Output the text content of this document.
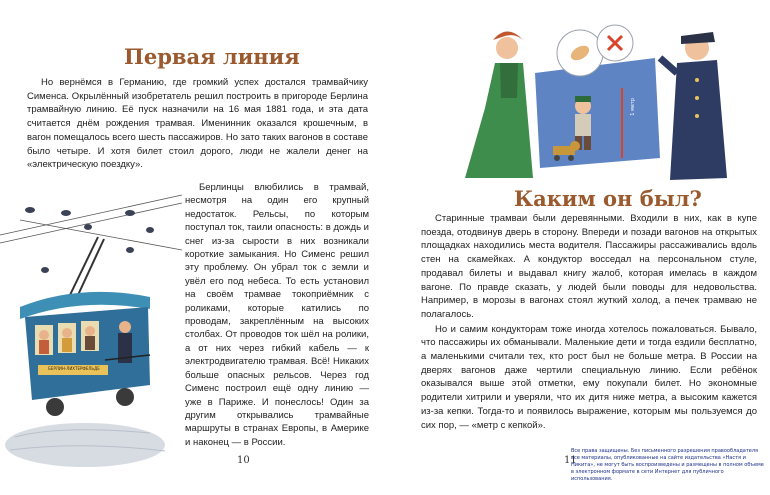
Первая линия

Но вернёмся в Германию, где громкий успех достался трамвайчику Сименса. Окрылённый изобретатель решил построить в пригороде Берлина трамвайную линию. Её пуск назначили на 16 мая 1881 года, и эта дата считается днём рождения трамвая. Именинник оказался крошечным, в вагон помещалось всего шесть пассажиров. Но зато таких вагонов в составе было четыре. И хотя билет стоил дорого, люди не жалели денег на «электрическую поездку».

Берлинцы влюбились в трамвай, несмотря на один его крупный недостаток. Рельсы, по которым поступал ток, таили опасность: в дождь и снег из-за сырости в них возникали короткие замыкания. Но Сименс решил эту проблему. Он убрал ток с земли и увёл его под небеса. То есть установил на своём трамвае токоприёмник с роликами, которые катились по проводам, закреплённым на высоких столбах. От проводов ток шёл на ролики, а от них через гибкий кабель — к электродвигателю трамвая. Всё! Никаких больше опасных рельсов. Через год Сименс построил ещё одну линию — уже в Париже. И понеслось! Один за другим открывались трамвайные маршруты в странах Европы, в Америке и наконец — в России.

БЕРЛИН-ЛИХТЕРФЕЛЬДЕ
10
1 метр
Каким он был?

Старинные трамваи были деревянными. Входили в них, как в купе поезда, отодвинув дверь в сторону. Впереди и позади вагонов на открытых площадках находились места водителя. Пассажиры рассаживались вдоль стен на скамейках. А кондуктор восседал на персональном стуле, продавал билеты и выдавал книгу жалоб, которая имелась в каждом вагоне. По правде сказать, у людей были поводы для недовольства. Например, в морозы в вагонах стоял жуткий холод, а печек трамваю не полагалось.

Но и самим кондукторам тоже иногда хотелось пожаловаться. Бывало, что пассажиры их обманывали. Маленькие дети и тогда ездили бесплатно, а маленькими считали тех, кто рост был не больше метра. В России на дверях вагонов даже чертили специальную линию. Если ребёнок оказывался выше этой отметки, ему покупали билет. Но экономные родители хитрили и уверяли, что их дитя ниже метра, а высоким кажется из-за кепки. Тогда-то и появилось выражение, которым мы пользуемся до сих пор, — «метр с кепкой».

11
Все права защищены. Без письменного разрешения правообладателя все материалы, опубликованные на сайте издательства «Настя и Никита», не могут быть воспроизведены и размещены в полном объеме в электронном формате в сети Интернет для публичного использования.
